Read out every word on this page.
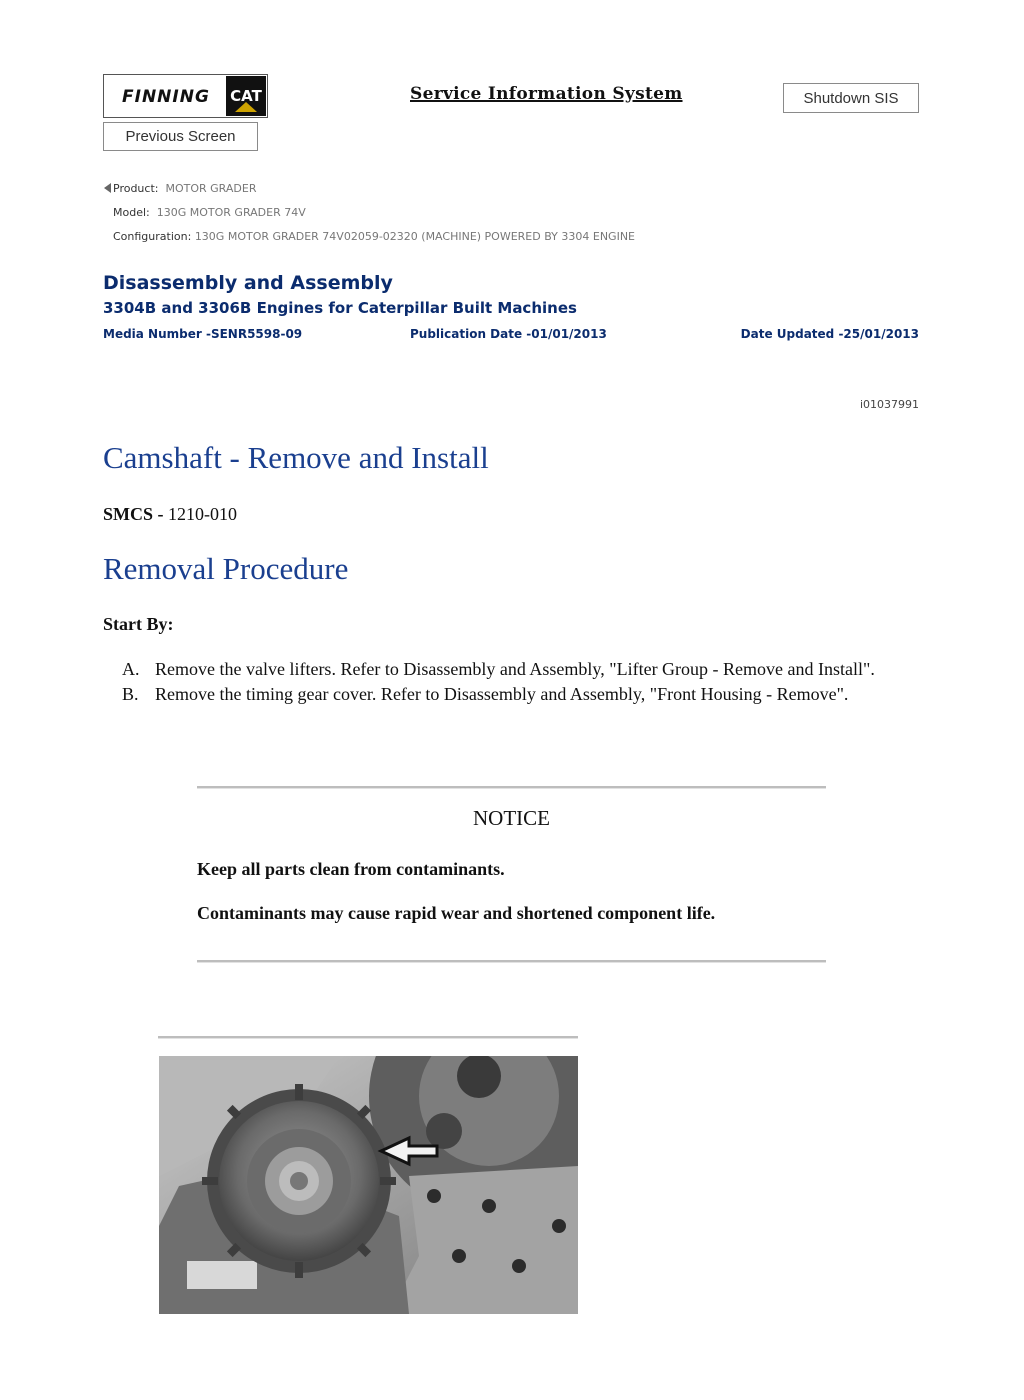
FINNING CAT	Service Information System	Shutdown SIS
Previous Screen
Product: MOTOR GRADER
Model: 130G MOTOR GRADER 74V
Configuration: 130G MOTOR GRADER 74V02059-02320 (MACHINE) POWERED BY 3304 ENGINE
Disassembly and Assembly
3304B and 3306B Engines for Caterpillar Built Machines
Media Number -SENR5598-09	Publication Date -01/01/2013	Date Updated -25/01/2013
i01037991
Camshaft - Remove and Install
SMCS - 1210-010
Removal Procedure
Start By:
A. Remove the valve lifters. Refer to Disassembly and Assembly, "Lifter Group - Remove and Install".
B. Remove the timing gear cover. Refer to Disassembly and Assembly, "Front Housing - Remove".
NOTICE
Keep all parts clean from contaminants.
Contaminants may cause rapid wear and shortened component life.
